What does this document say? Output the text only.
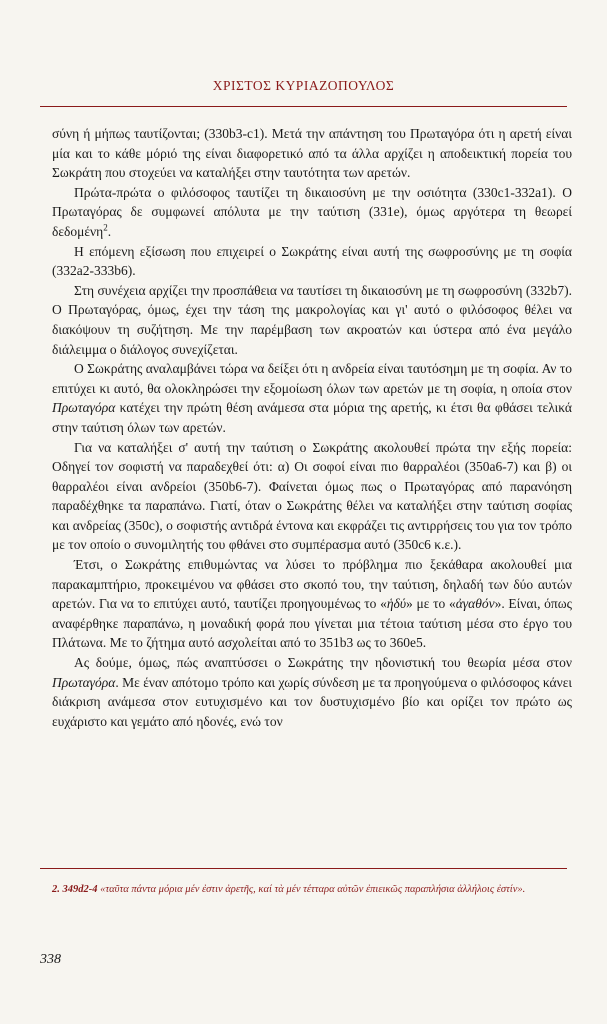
ΧΡΙΣΤΟΣ ΚΥΡΙΑΖΟΠΟΥΛΟΣ

σύνη ή μήπως ταυτίζονται; (330b3-c1). Μετά την απάντηση του Πρωταγόρα ότι η αρετή είναι μία και το κάθε μόριό της είναι διαφορετικό από τα άλλα αρχίζει η αποδεικτική πορεία του Σωκράτη που στοχεύει να καταλήξει στην ταυτότητα των αρετών.

Πρώτα-πρώτα ο φιλόσοφος ταυτίζει τη δικαιοσύνη με την οσιότητα (330c1-332a1). Ο Πρωταγόρας δε συμφωνεί απόλυτα με την ταύτιση (331e), όμως αργότερα τη θεωρεί δεδομένη$^2$.

Η επόμενη εξίσωση που επιχειρεί ο Σωκράτης είναι αυτή της σωφροσύνης με τη σοφία (332a2-333b6).

Στη συνέχεια αρχίζει την προσπάθεια να ταυτίσει τη δικαιοσύνη με τη σωφροσύνη (332b7). Ο Πρωταγόρας, όμως, έχει την τάση της μακρολογίας και γι' αυτό ο φιλόσοφος θέλει να διακόψουν τη συζήτηση. Με την παρέμβαση των ακροατών και ύστερα από ένα μεγάλο διάλειμμα ο διάλογος συνεχίζεται.

Ο Σωκράτης αναλαμβάνει τώρα να δείξει ότι η ανδρεία είναι ταυτόσημη με τη σοφία. Αν το επιτύχει κι αυτό, θα ολοκληρώσει την εξομοίωση όλων των αρετών με τη σοφία, η οποία στον Πρωταγόρα κατέχει την πρώτη θέση ανάμεσα στα μόρια της αρετής, κι έτσι θα φθάσει τελικά στην ταύτιση όλων των αρετών.

Για να καταλήξει σ' αυτή την ταύτιση ο Σωκράτης ακολουθεί πρώτα την εξής πορεία: Οδηγεί τον σοφιστή να παραδεχθεί ότι: α) Οι σοφοί είναι πιο θαρραλέοι (350a6-7) και β) οι θαρραλέοι είναι ανδρείοι (350b6-7). Φαίνεται όμως πως ο Πρωταγόρας από παρανόηση παραδέχθηκε τα παραπάνω. Γιατί, όταν ο Σωκράτης θέλει να καταλήξει στην ταύτιση σοφίας και ανδρείας (350c), ο σοφιστής αντιδρά έντονα και εκφράζει τις αντιρρήσεις του για τον τρόπο με τον οποίο ο συνομιλητής του φθάνει στο συμπέρασμα αυτό (350c6 κ.ε.).

Έτσι, ο Σωκράτης επιθυμώντας να λύσει το πρόβλημα πιο ξεκάθαρα ακολουθεί μια παρακαμπτήριο, προκειμένου να φθάσει στο σκοπό του, την ταύτιση, δηλαδή των δύο αυτών αρετών. Για να το επιτύχει αυτό, ταυτίζει προηγουμένως το «ἡδύ» με το «ἀγαθόν». Είναι, όπως αναφέρθηκε παραπάνω, η μοναδική φορά που γίνεται μια τέτοια ταύτιση μέσα στο έργο του Πλάτωνα. Με το ζήτημα αυτό ασχολείται από το 351b3 ως το 360e5.

Ας δούμε, όμως, πώς αναπτύσσει ο Σωκράτης την ηδονιστική του θεωρία μέσα στον Πρωταγόρα. Με έναν απότομο τρόπο και χωρίς σύνδεση με τα προηγούμενα ο φιλόσοφος κάνει διάκριση ανάμεσα στον ευτυχισμένο και τον δυστυχισμένο βίο και ορίζει τον πρώτο ως ευχάριστο και γεμάτο από ηδονές, ενώ τον

2. 349d2-4 «ταῦτα πάντα μόρια μέν ἐστιν ἀρετῆς, καί τὰ μέν τέτταρα αὐτῶν ἐπιεικῶς παραπλήσια ἀλλήλοις ἐστίν».
338
